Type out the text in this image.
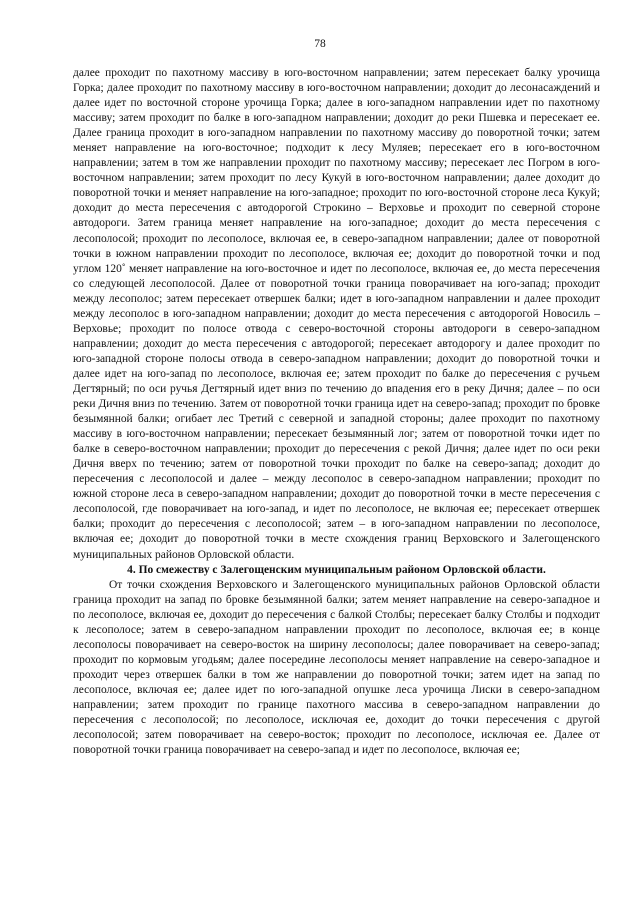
78

далее проходит по пахотному массиву в юго-восточном направлении; затем пересекает балку урочища Горка; далее проходит по пахотному массиву в юго-восточном направлении; доходит до лесонасаждений и далее идет по восточной стороне урочища Горка; далее в юго-западном направлении идет по пахотному массиву; затем проходит по балке в юго-западном направлении; доходит до реки Пшевка и пересекает ее. Далее граница проходит в юго-западном направлении по пахотному массиву до поворотной точки; затем меняет направление на юго-восточное; подходит к лесу Муляев; пересекает его в юго-восточном направлении; затем в том же направлении проходит по пахотному массиву; пересекает лес Погром в юго-восточном направлении; затем проходит по лесу Кукуй в юго-восточном направлении; далее доходит до поворотной точки и меняет направление на юго-западное; проходит по юго-восточной стороне леса Кукуй; доходит до места пересечения с автодорогой Строкино – Верховье и проходит по северной стороне автодороги. Затем граница меняет направление на юго-западное; доходит до места пересечения с лесополосой; проходит по лесополосе, включая ее, в северо-западном направлении; далее от поворотной точки в южном направлении проходит по лесополосе, включая ее; доходит до поворотной точки и под углом 120˚ меняет направление на юго-восточное и идет по лесополосе, включая ее, до места пересечения со следующей лесополосой. Далее от поворотной точки граница поворачивает на юго-запад; проходит между лесополос; затем пересекает отвершек балки; идет в юго-западном направлении и далее проходит между лесополос в юго-западном направлении; доходит до места пересечения с автодорогой Новосиль – Верховье; проходит по полосе отвода с северо-восточной стороны автодороги в северо-западном направлении; доходит до места пересечения с автодорогой; пересекает автодорогу и далее проходит по юго-западной стороне полосы отвода в северо-западном направлении; доходит до поворотной точки и далее идет на юго-запад по лесополосе, включая ее; затем проходит по балке до пересечения с ручьем Дегтярный; по оси ручья Дегтярный идет вниз по течению до впадения его в реку Дичня; далее – по оси реки Дичня вниз по течению. Затем от поворотной точки граница идет на северо-запад; проходит по бровке безымянной балки; огибает лес Третий с северной и западной стороны; далее проходит по пахотному массиву в юго-восточном направлении; пересекает безымянный лог; затем от поворотной точки идет по балке в северо-восточном направлении; проходит до пересечения с рекой Дичня; далее идет по оси реки Дичня вверх по течению; затем от поворотной точки проходит по балке на северо-запад; доходит до пересечения с лесополосой и далее – между лесополос в северо-западном направлении; проходит по южной стороне леса в северо-западном направлении; доходит до поворотной точки в месте пересечения с лесополосой, где поворачивает на юго-запад, и идет по лесополосе, не включая ее; пересекает отвершек балки; проходит до пересечения с лесополосой; затем – в юго-западном направлении по лесополосе, включая ее; доходит до поворотной точки в месте схождения границ Верховского и Залегощенского муниципальных районов Орловской области.

4. По смежеству с Залегощенским муниципальным районом Орловской области.

От точки схождения Верховского и Залегощенского муниципальных районов Орловской области граница проходит на запад по бровке безымянной балки; затем меняет направление на северо-западное и по лесополосе, включая ее, доходит до пересечения с балкой Столбы; пересекает балку Столбы и подходит к лесополосе; затем в северо-западном направлении проходит по лесополосе, включая ее; в конце лесополосы поворачивает на северо-восток на ширину лесополосы; далее поворачивает на северо-запад; проходит по кормовым угодьям; далее посередине лесополосы меняет направление на северо-западное и проходит через отвершек балки в том же направлении до поворотной точки; затем идет на запад по лесополосе, включая ее; далее идет по юго-западной опушке леса урочища Лиски в северо-западном направлении; затем проходит по границе пахотного массива в северо-западном направлении до пересечения с лесополосой; по лесополосе, исключая ее, доходит до точки пересечения с другой лесополосой; затем поворачивает на северо-восток; проходит по лесополосе, исключая ее. Далее от поворотной точки граница поворачивает на северо-запад и идет по лесополосе, включая ее;
